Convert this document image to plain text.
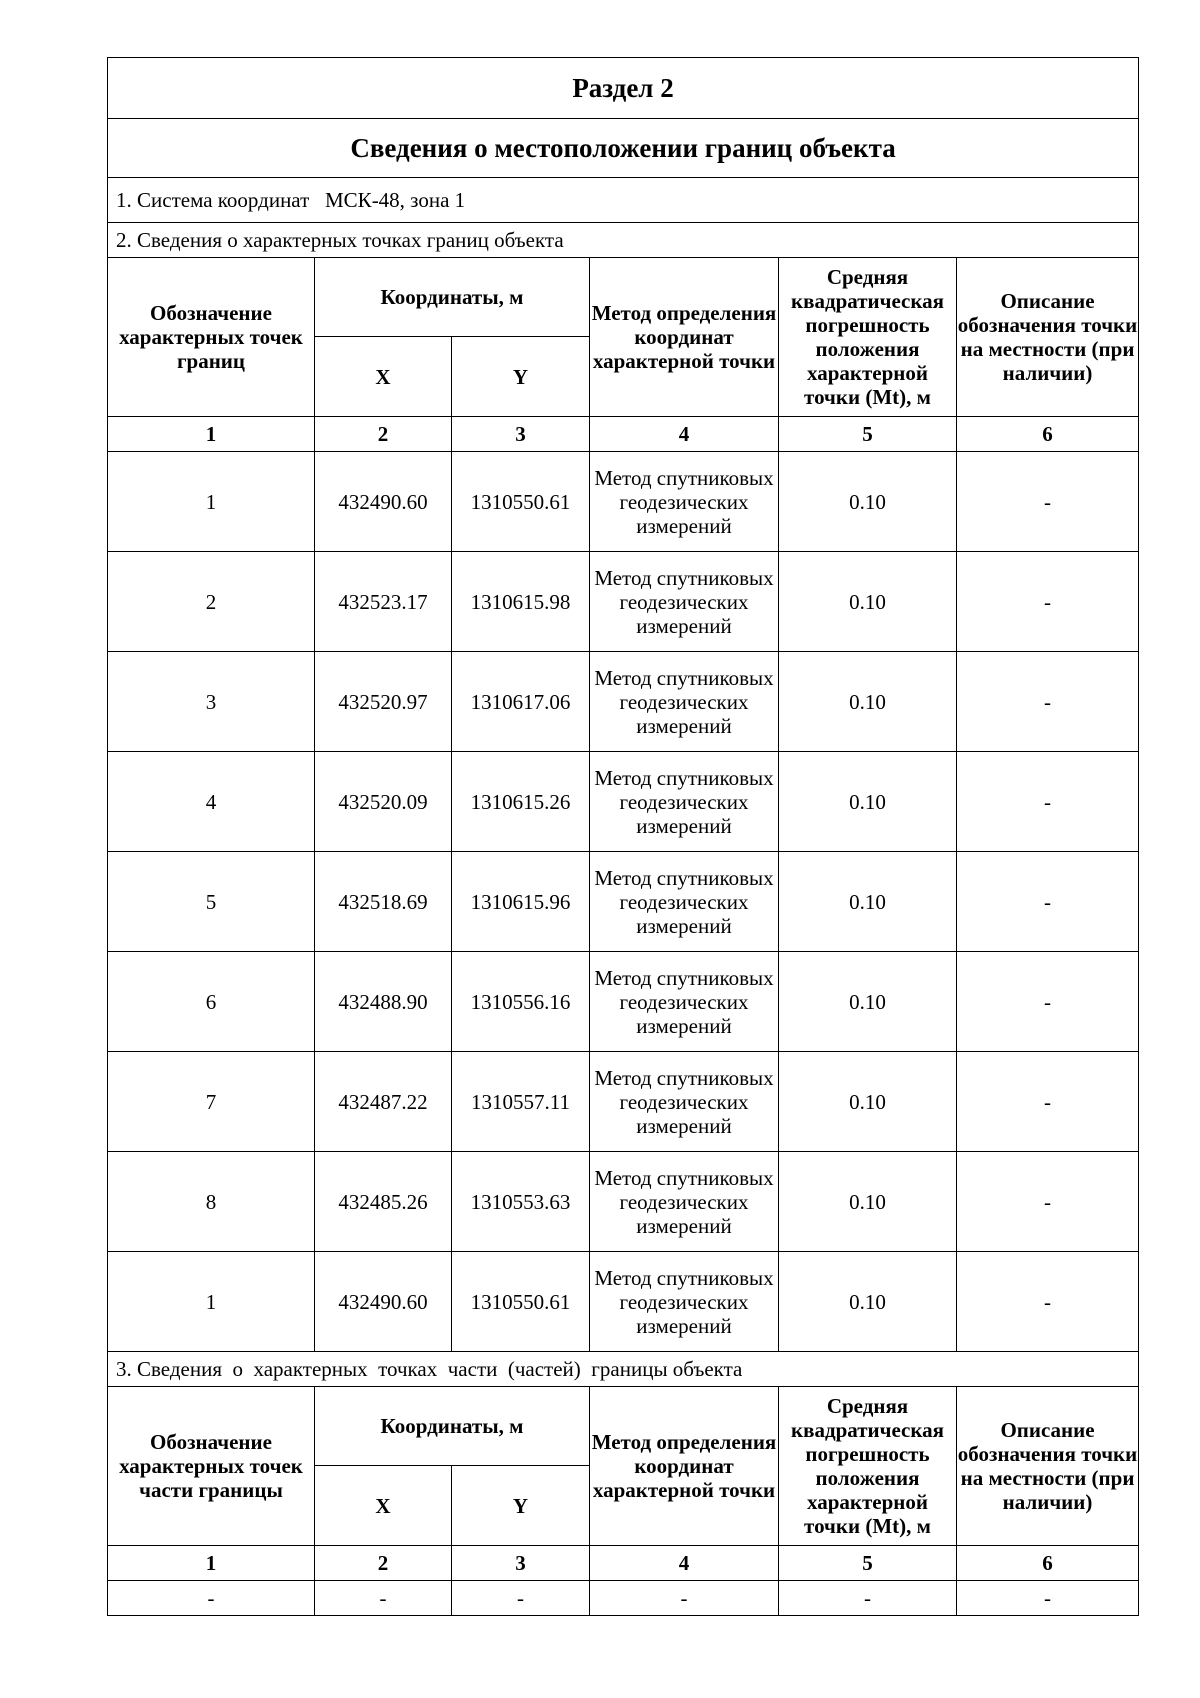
Раздел 2					
Сведения о местоположении границ объекта					
1. Система координат   МСК-48, зона 1					
2. Сведения о характерных точках границ объекта					
Обозначение характерных точек границ	Координаты, м		Метод определения координат характерной точки	Средняя квадратическая погрешность положения характерной точки (Mt), м	Описание обозначения точки на местности (при наличии)
	X	Y			
1	2	3	4	5	6
1	432490.60	1310550.61	Метод спутниковых геодезических измерений	0.10	-
2	432523.17	1310615.98	Метод спутниковых геодезических измерений	0.10	-
3	432520.97	1310617.06	Метод спутниковых геодезических измерений	0.10	-
4	432520.09	1310615.26	Метод спутниковых геодезических измерений	0.10	-
5	432518.69	1310615.96	Метод спутниковых геодезических измерений	0.10	-
6	432488.90	1310556.16	Метод спутниковых геодезических измерений	0.10	-
7	432487.22	1310557.11	Метод спутниковых геодезических измерений	0.10	-
8	432485.26	1310553.63	Метод спутниковых геодезических измерений	0.10	-
1	432490.60	1310550.61	Метод спутниковых геодезических измерений	0.10	-
3. Сведения  о  характерных  точках  части  (частей)  границы объекта					
Обозначение характерных точек части границы	Координаты, м		Метод определения координат характерной точки	Средняя квадратическая погрешность положения характерной точки (Mt), м	Описание обозначения точки на местности (при наличии)
	X	Y			
1	2	3	4	5	6
-	-	-	-	-	-
